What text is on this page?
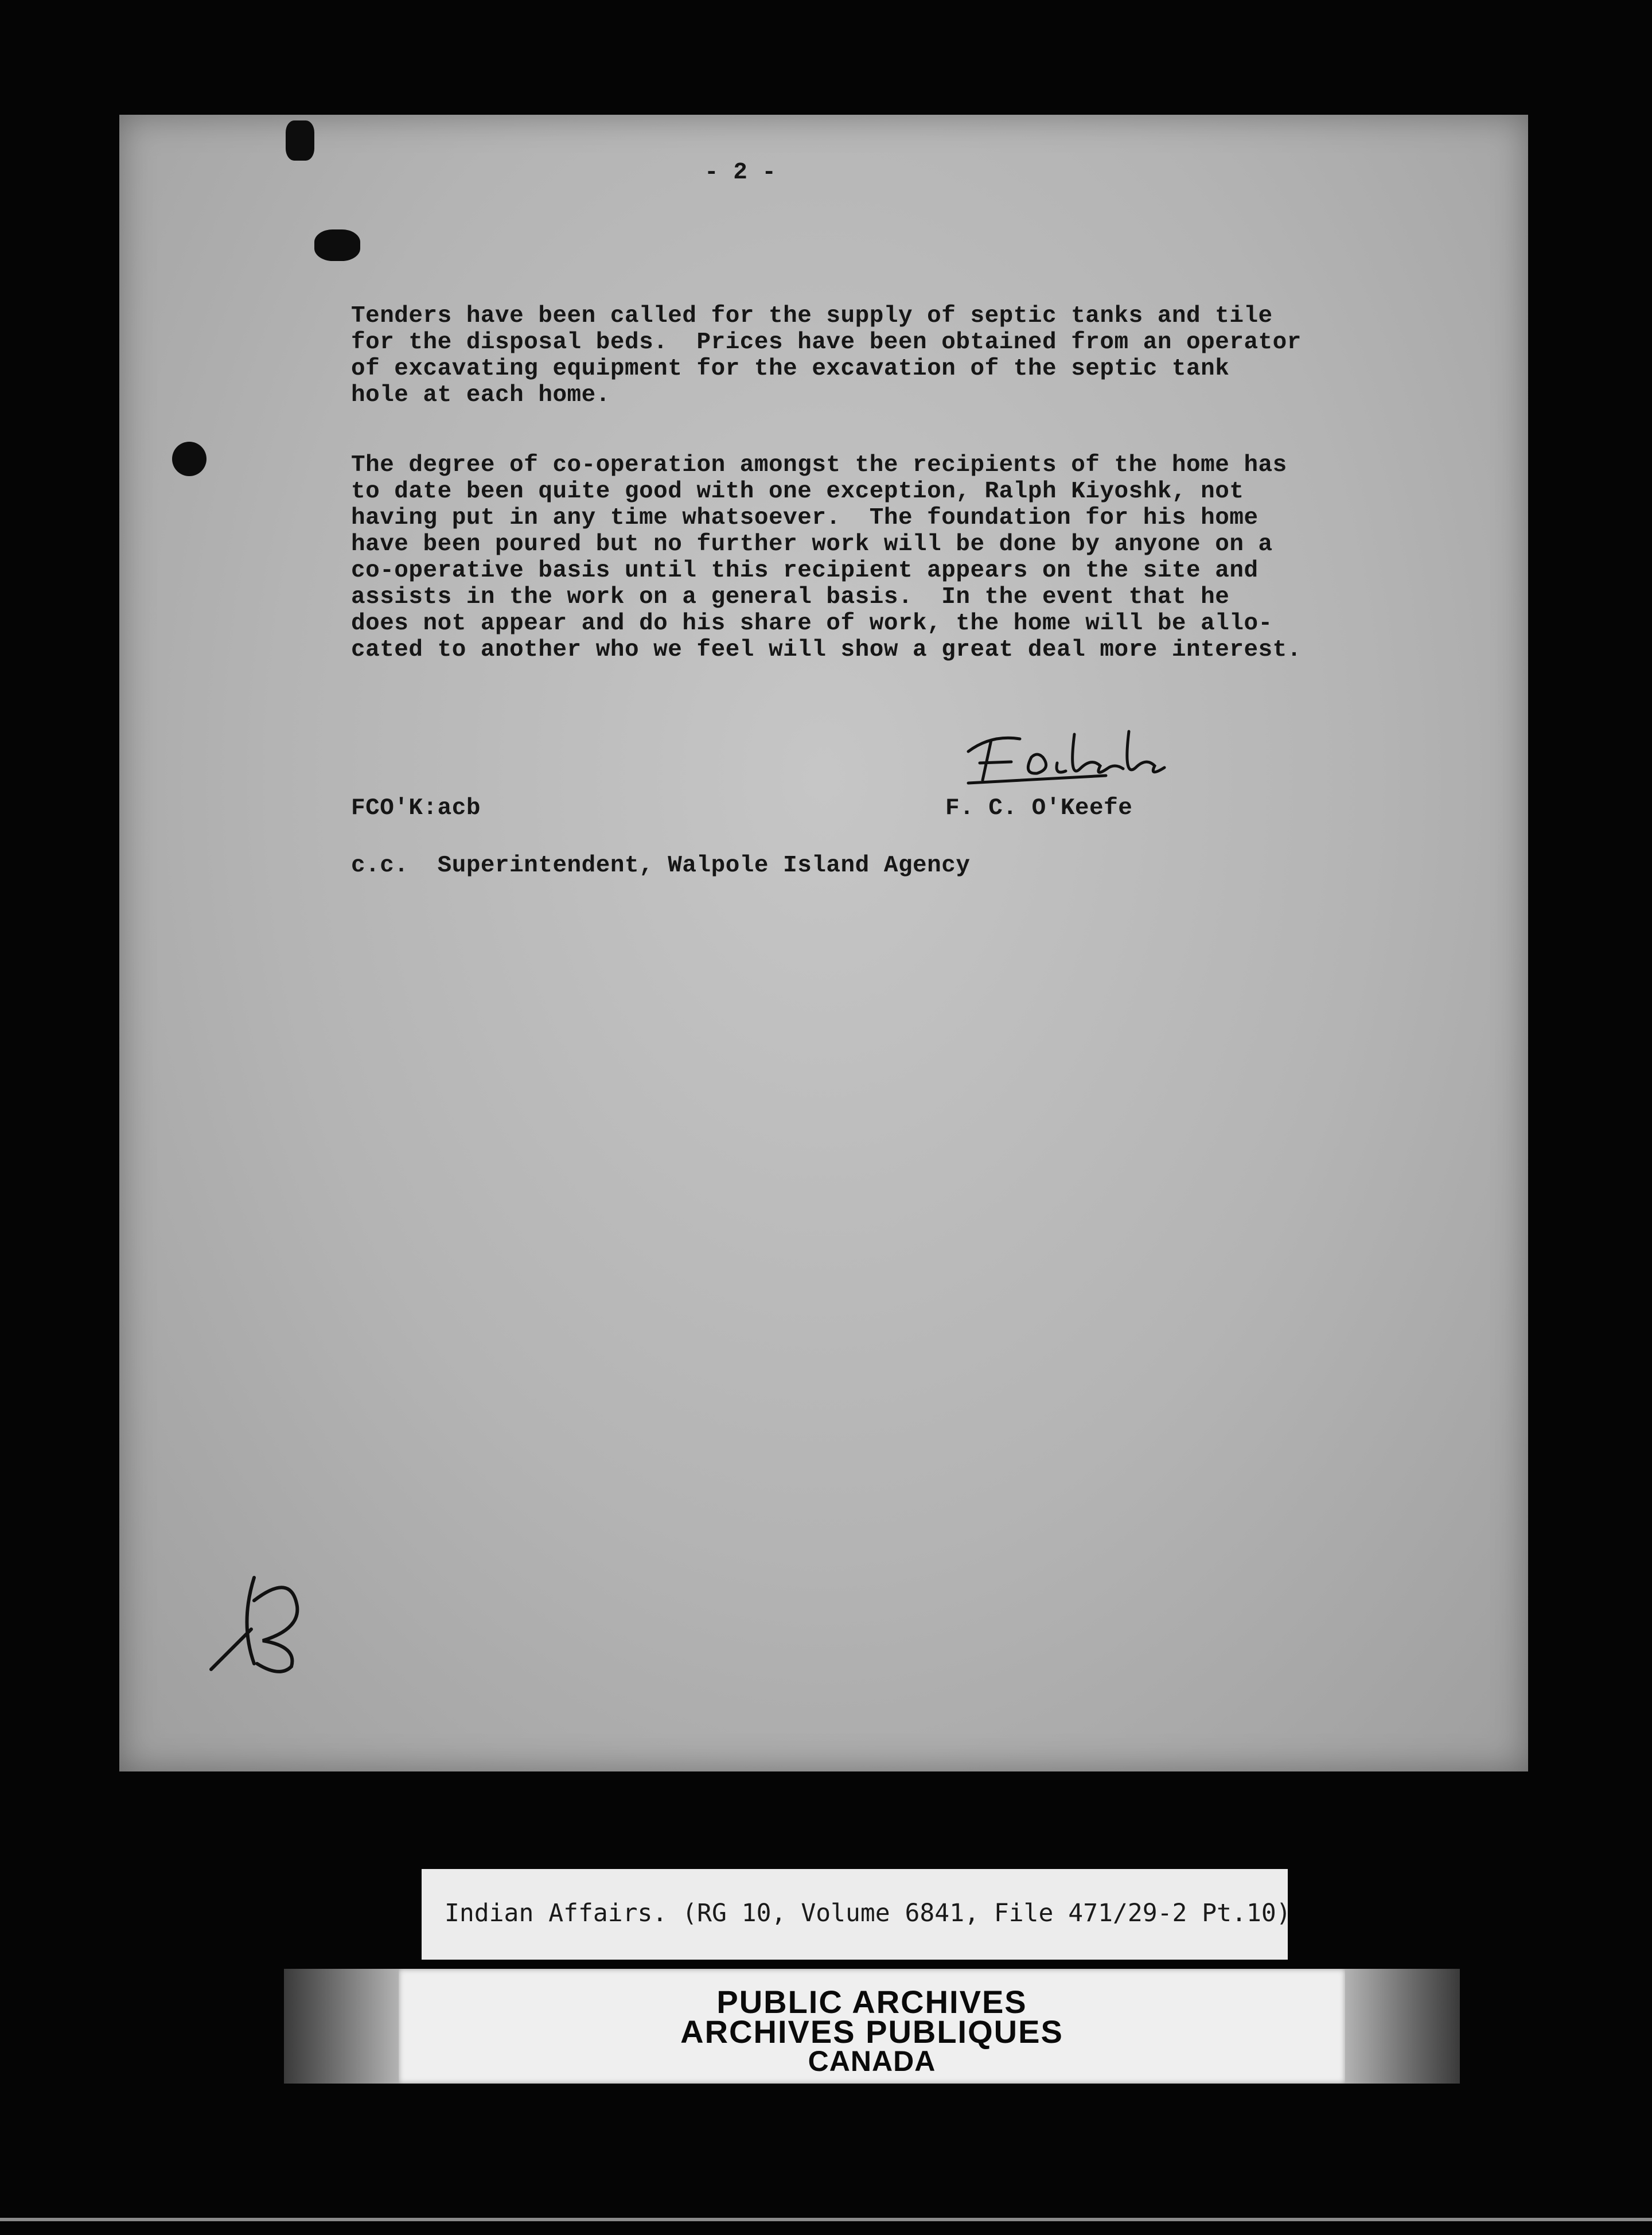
- 2 -
Tenders have been called for the supply of septic tanks and tile
for the disposal beds.  Prices have been obtained from an operator
of excavating equipment for the excavation of the septic tank
hole at each home.
The degree of co-operation amongst the recipients of the home has
to date been quite good with one exception, Ralph Kiyoshk, not
having put in any time whatsoever.  The foundation for his home
have been poured but no further work will be done by anyone on a
co-operative basis until this recipient appears on the site and
assists in the work on a general basis.  In the event that he
does not appear and do his share of work, the home will be allo-
cated to another who we feel will show a great deal more interest.
FCO'K:acb	F. C. O'Keefe
c.c.  Superintendent, Walpole Island Agency
Indian Affairs. (RG 10, Volume 6841, File 471/29-2 Pt.10)
PUBLIC ARCHIVES
ARCHIVES PUBLIQUES
CANADA
